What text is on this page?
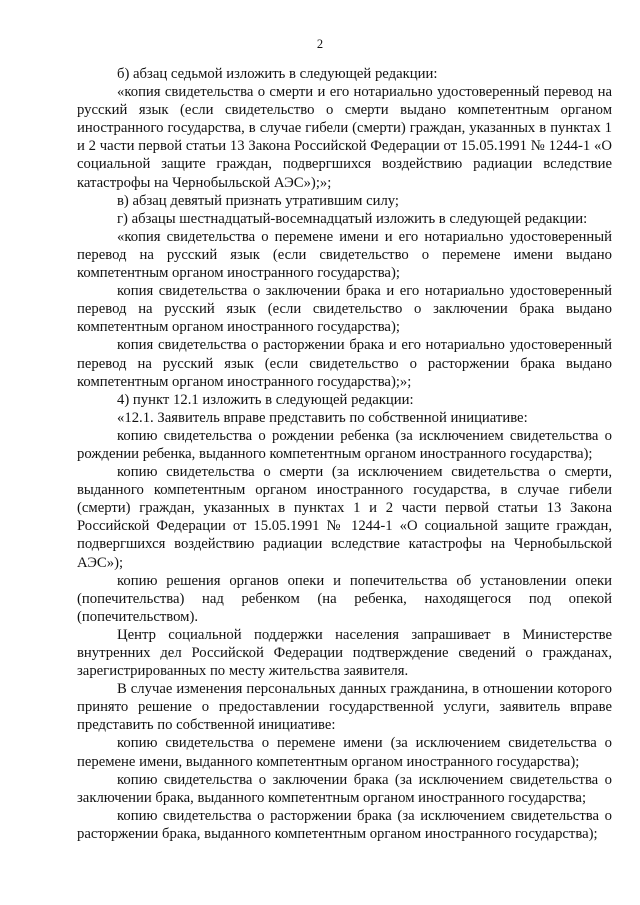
2

б) абзац седьмой изложить в следующей редакции:

«копия свидетельства о смерти и его нотариально удостоверенный перевод на русский язык (если свидетельство о смерти выдано компетентным органом иностранного государства, в случае гибели (смерти) граждан, указанных в пунктах 1 и 2 части первой статьи 13 Закона Российской Федерации от 15.05.1991 № 1244-1 «О социальной защите граждан, подвергшихся воздействию радиации вследствие катастрофы на Чернобыльской АЭС»);»;

в) абзац девятый признать утратившим силу;

г) абзацы шестнадцатый-восемнадцатый изложить в следующей редакции:

«копия свидетельства о перемене имени и его нотариально удостоверенный перевод на русский язык (если свидетельство о перемене имени выдано компетентным органом иностранного государства);

копия свидетельства о заключении брака и его нотариально удостоверенный перевод на русский язык (если свидетельство о заключении брака выдано компетентным органом иностранного государства);

копия свидетельства о расторжении брака и его нотариально удостоверенный перевод на русский язык (если свидетельство о расторжении брака выдано компетентным органом иностранного государства);»;

4) пункт 12.1 изложить в следующей редакции:

«12.1. Заявитель вправе представить по собственной инициативе:

копию свидетельства о рождении ребенка (за исключением свидетельства о рождении ребенка, выданного компетентным органом иностранного государства);

копию свидетельства о смерти (за исключением свидетельства о смерти, выданного компетентным органом иностранного государства, в случае гибели (смерти) граждан, указанных в пунктах 1 и 2 части первой статьи 13 Закона Российской Федерации от 15.05.1991 № 1244-1 «О социальной защите граждан, подвергшихся воздействию радиации вследствие катастрофы на Чернобыльской АЭС»);

копию решения органов опеки и попечительства об установлении опеки (попечительства) над ребенком (на ребенка, находящегося под опекой (попечительством).

Центр социальной поддержки населения запрашивает в Министерстве внутренних дел Российской Федерации подтверждение сведений о гражданах, зарегистрированных по месту жительства заявителя.

В случае изменения персональных данных гражданина, в отношении которого принято решение о предоставлении государственной услуги, заявитель вправе представить по собственной инициативе:

копию свидетельства о перемене имени (за исключением свидетельства о перемене имени, выданного компетентным органом иностранного государства);

копию свидетельства о заключении брака (за исключением свидетельства о заключении брака, выданного компетентным органом иностранного государства;

копию свидетельства о расторжении брака (за исключением свидетельства о расторжении брака, выданного компетентным органом иностранного государства);
